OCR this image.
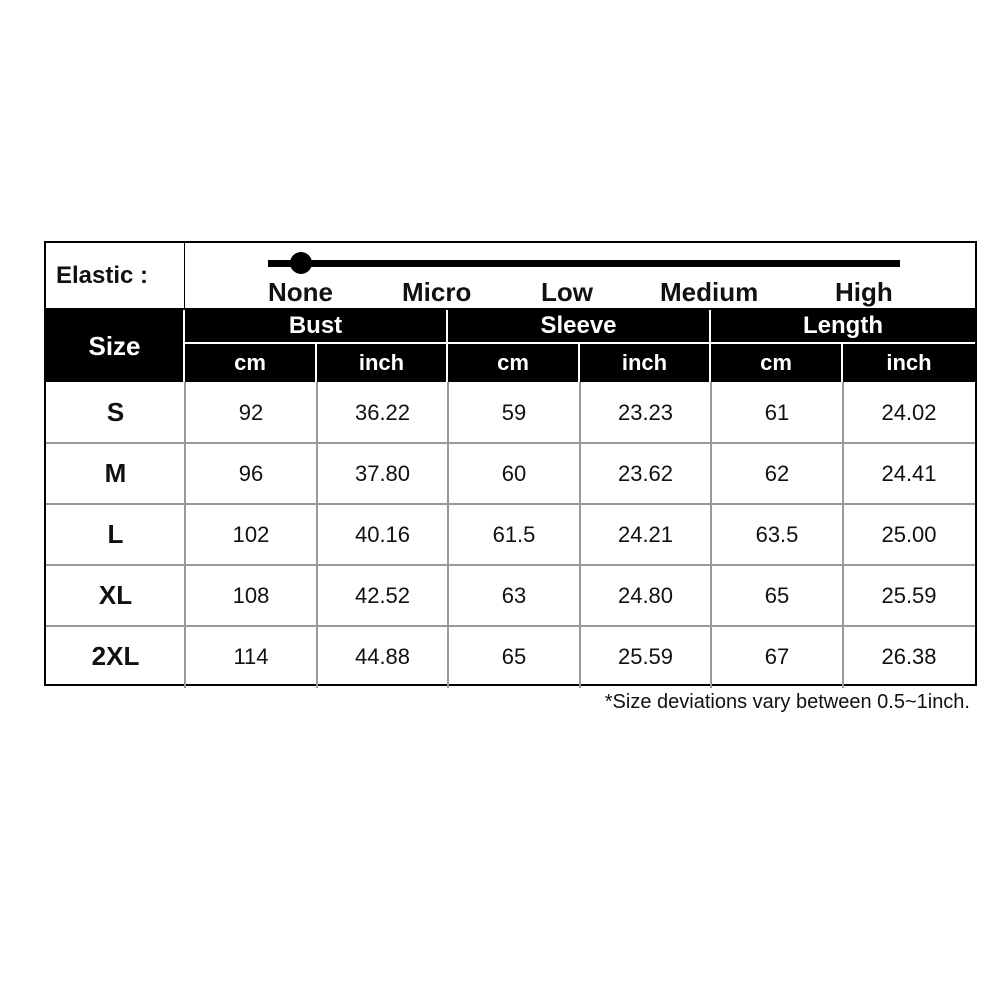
Elastic :
None	Micro	Low	Medium	High
Size
Bust	Sleeve	Length
cm	inch	cm	inch	cm	inch
S	92	36.22	59	23.23	61	24.02
M	96	37.80	60	23.62	62	24.41
L	102	40.16	61.5	24.21	63.5	25.00
XL	108	42.52	63	24.80	65	25.59
2XL	114	44.88	65	25.59	67	26.38
*Size deviations vary between 0.5~1inch.
